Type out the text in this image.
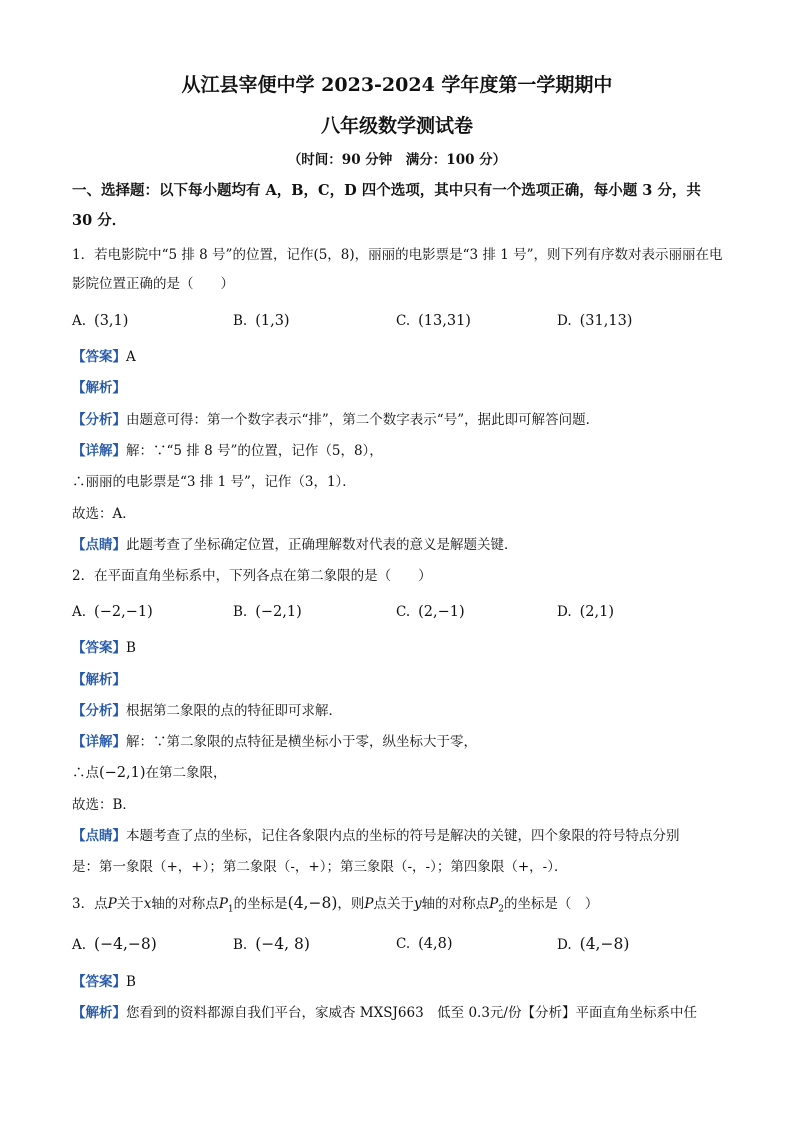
从江县宰便中学 2023-2024 学年度第一学期期中
八年级数学测试卷
（时间：90 分钟　满分：100 分）
一、选择题：以下每小题均有 A，B，C，D 四个选项，其中只有一个选项正确，每小题 3 分，共 30 分．
1．若电影院中“5 排 8 号”的位置，记作(5，8)，丽丽的电影票是“3 排 1 号”，则下列有序数对表示丽丽在电
影院位置正确的是（　　）
A. (3,1)	B. (1,3)	C. (13,31)	D. (31,13)
【答案】A
【解析】
【分析】由题意可得：第一个数字表示“排”，第二个数字表示“号”，据此即可解答问题．
【详解】解：∵“5 排 8 号”的位置，记作（5，8），
∴丽丽的电影票是“3 排 1 号”，记作（3，1）．
故选：A．
【点睛】此题考查了坐标确定位置，正确理解数对代表的意义是解题关键．
2．在平面直角坐标系中，下列各点在第二象限的是（　　）
A. (−2,−1)	B. (−2,1)	C. (2,−1)	D. (2,1)
【答案】B
【解析】
【分析】根据第二象限的点的特征即可求解．
【详解】解：∵第二象限的点特征是横坐标小于零，纵坐标大于零，
∴点(−2,1)在第二象限，
故选：B．
【点睛】本题考查了点的坐标，记住各象限内点的坐标的符号是解决的关键，四个象限的符号特点分别
是：第一象限（+，+）；第二象限（-，+）；第三象限（-，-）；第四象限（+，-）．
3．点P关于x轴的对称点$P_1$的坐标是(4,−8)，则P点关于y轴的对称点$P_2$的坐标是（　）
A. (−4,−8)	B. (−4, 8)	C. (4,8)	D. (4,−8)
【答案】B
【解析】您看到的资料都源自我们平台，家威杏 MXSJ663　低至 0.3元/份【分析】平面直角坐标系中任
